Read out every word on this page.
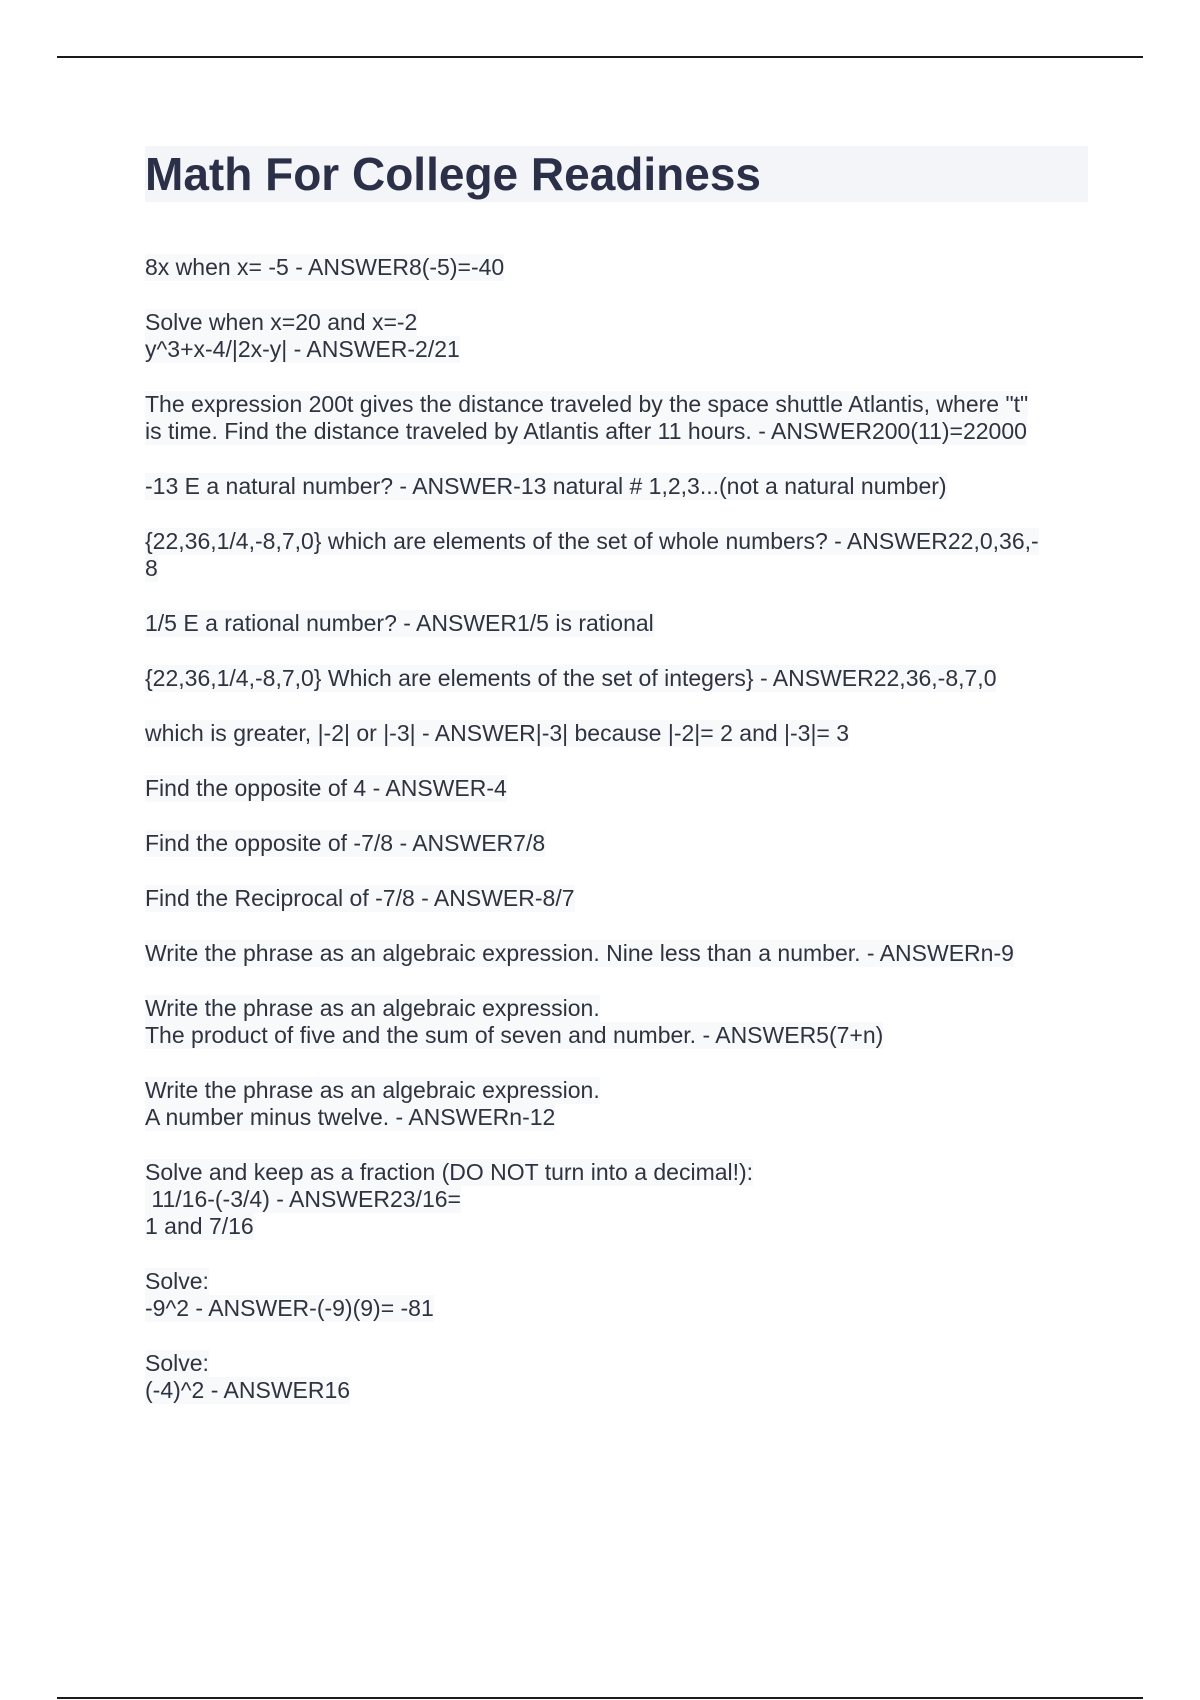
Math For College Readiness
8x when x= -5 - ANSWER8(-5)=-40
Solve when x=20 and x=-2
y^3+x-4/|2x-y| - ANSWER-2/21
The expression 200t gives the distance traveled by the space shuttle Atlantis, where "t"
is time. Find the distance traveled by Atlantis after 11 hours. - ANSWER200(11)=22000
-13 E a natural number? - ANSWER-13 natural # 1,2,3...(not a natural number)
{22,36,1/4,-8,7,0} which are elements of the set of whole numbers? - ANSWER22,0,36,-
8
1/5 E a rational number? - ANSWER1/5 is rational
{22,36,1/4,-8,7,0} Which are elements of the set of integers} - ANSWER22,36,-8,7,0
which is greater, |-2| or |-3| - ANSWER|-3| because |-2|= 2 and |-3|= 3
Find the opposite of 4 - ANSWER-4
Find the opposite of -7/8 - ANSWER7/8
Find the Reciprocal of -7/8 - ANSWER-8/7
Write the phrase as an algebraic expression. Nine less than a number. - ANSWERn-9
Write the phrase as an algebraic expression.
The product of five and the sum of seven and number. - ANSWER5(7+n)
Write the phrase as an algebraic expression.
A number minus twelve. - ANSWERn-12
Solve and keep as a fraction (DO NOT turn into a decimal!):
11/16-(-3/4) - ANSWER23/16=
1 and 7/16
Solve:
-9^2 - ANSWER-(-9)(9)= -81
Solve:
(-4)^2 - ANSWER16
